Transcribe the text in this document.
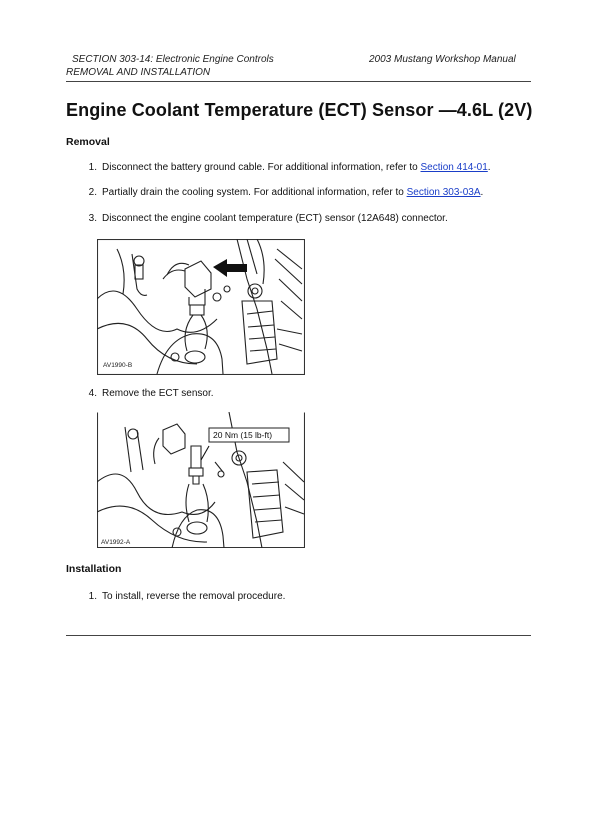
SECTION 303-14: Electronic Engine Controls	2003 Mustang Workshop Manual
REMOVAL AND INSTALLATION
Engine Coolant Temperature (ECT) Sensor —4.6L (2V)
Removal
1. Disconnect the battery ground cable. For additional information, refer to Section 414-01.
2. Partially drain the cooling system. For additional information, refer to Section 303-03A.
3. Disconnect the engine coolant temperature (ECT) sensor (12A648) connector.
AV1990-B
4. Remove the ECT sensor.
20 Nm (15 lb-ft)
AV1992-A
Installation
1. To install, reverse the removal procedure.
